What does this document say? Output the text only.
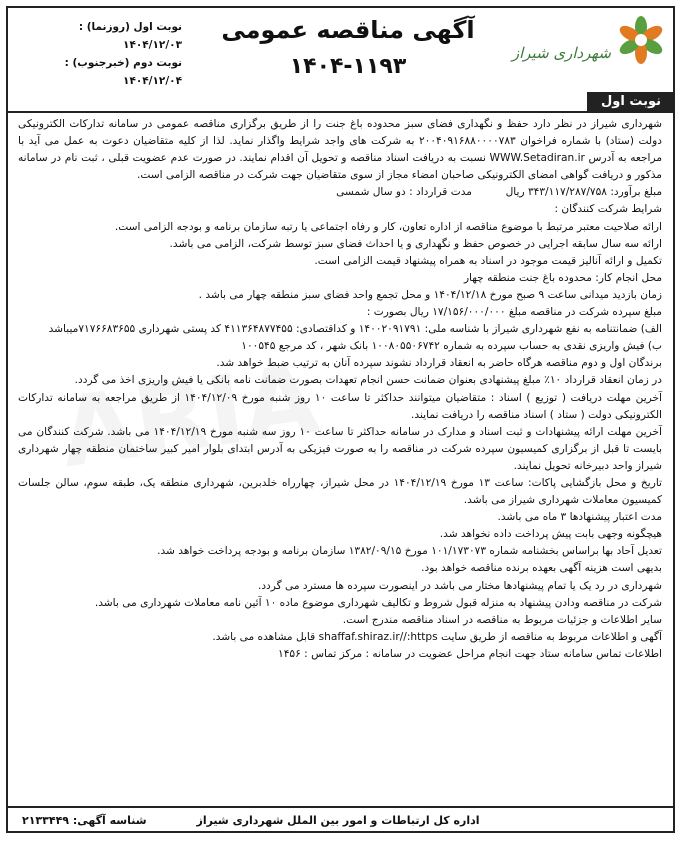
شهرداری شیراز
آگهی مناقصه عمومی
۱۴۰۴-۱۱۹۳
نوبت اول (روزنما) : ۱۴۰۴/۱۲/۰۳
نوبت دوم (خبرجنوب) : ۱۴۰۴/۱۲/۰۴
نوبت اول

شهرداری شیراز در نظر دارد حفظ و نگهداری فضای سبز محدوده باغ جنت را از طریق برگزاری مناقصه عمومی در سامانه تدارکات الکترونیکی دولت (ستاد) با شماره فراخوان ۲۰۰۴۰۹۱۶۸۸۰۰۰۰۷۸۳ به شرکت های واجد شرایط واگذار نماید. لذا از کلیه متقاضیان دعوت به عمل می آید با مراجعه به آدرس WWW.Setadiran.ir نسبت به دریافت اسناد مناقصه و تحویل آن اقدام نمایند. در صورت عدم عضویت قبلی ، ثبت نام در سامانه مذکور و دریافت گواهی امضای الکترونیکی صاحبان امضاء مجاز از سوی متقاضیان جهت شرکت در مناقصه الزامی است.

مبلغ برآورد: ۳۴۳/۱۱۷/۲۸۷/۷۵۸ ریال          مدت قرارداد : دو سال شمسی

شرایط شرکت کنندگان :

ارائه صلاحیت معتبر مرتبط با موضوع مناقصه از اداره تعاون، کار و رفاه اجتماعی یا رتبه سازمان برنامه و بودجه الزامی است.

ارائه سه سال سابقه اجرایی در خصوص حفظ و نگهداری و یا احداث فضای سبز توسط شرکت، الزامی می باشد.

تکمیل و ارائه آنالیز قیمت موجود در اسناد به همراه پیشنهاد قیمت الزامی است.

محل انجام کار: محدوده باغ جنت منطقه چهار

زمان بازدید میدانی ساعت ۹ صبح مورخ ۱۴۰۴/۱۲/۱۸ و محل تجمع واحد فضای سبز منطقه چهار می باشد .

مبلغ سپرده شرکت در مناقصه مبلغ ۱۷/۱۵۶/۰۰۰/۰۰۰ ریال بصورت :

الف) ضمانتنامه به نفع شهرداری شیراز با شناسه ملی: ۱۴۰۰۲۰۹۱۷۹۱ و کداقتصادی: ۴۱۱۳۶۴۸۷۷۴۵۵ کد پستی شهرداری ۷۱۷۶۶۸۳۶۵۵میباشد

ب) فیش واریزی نقدی به حساب سپرده به شماره ۱۰۰۸۰۵۵۰۶۷۴۲ بانک شهر ، کد مرجع ۱۰۰۵۴۵

برندگان اول و دوم مناقصه هرگاه حاضر به انعقاد قرارداد نشوند سپرده آنان به ترتیب ضبط خواهد شد.

در زمان انعقاد قرارداد ۱۰٪ مبلغ پیشنهادی بعنوان ضمانت حسن انجام تعهدات بصورت ضمانت نامه بانکی یا فیش واریزی اخذ می گردد.

آخرین مهلت دریافت ( توزیع ) اسناد : متقاضیان میتوانند حداکثر تا ساعت ۱۰ روز شنبه مورخ ۱۴۰۴/۱۲/۰۹ از طریق مراجعه به سامانه تدارکات الکترونیکی دولت ( ستاد ) اسناد مناقصه را دریافت نمایند.

آخرین مهلت ارائه پیشنهادات و ثبت اسناد و مدارک در سامانه حداکثر تا ساعت ۱۰ روز سه شنبه مورخ ۱۴۰۴/۱۲/۱۹ می باشد. شرکت کنندگان می بایست تا قبل از برگزاری کمیسیون سپرده شرکت در مناقصه را به صورت فیزیکی به آدرس ابتدای بلوار امیر کبیر ساختمان منطقه چهار شهرداری شیراز واحد دبیرخانه تحویل نمایند.

تاریخ و محل بازگشایی پاکات: ساعت ۱۳ مورخ ۱۴۰۴/۱۲/۱۹ در محل شیراز، چهارراه خلدبرین، شهرداری منطقه یک، طبقه سوم، سالن جلسات کمیسیون معاملات شهرداری شیراز می باشد.

مدت اعتبار پیشنهادها ۳ ماه می باشد.

هیچگونه وجهی بابت پیش پرداخت داده نخواهد شد.

تعدیل آحاد بها براساس بخشنامه شماره ۱۰۱/۱۷۳۰۷۳ مورخ ۱۳۸۲/۰۹/۱۵ سازمان برنامه و بودجه پرداخت خواهد شد.

بدیهی است هزینه آگهی بعهده برنده مناقصه خواهد بود.

شهرداری در رد یک یا تمام پیشنهادها مختار می باشد در اینصورت سپرده ها مسترد می گردد.

شرکت در مناقصه ودادن پیشنهاد به منزله قبول شروط و تکالیف شهرداری موضوع ماده ۱۰ آئین نامه معاملات شهرداری می باشد.

سایر اطلاعات و جزئیات مربوط به مناقصه در اسناد مناقصه مندرج است.

آگهی و اطلاعات مربوط به مناقصه از طریق سایت shaffaf.shiraz.ir//:https قابل مشاهده می باشد.

اطلاعات تماس سامانه ستاد جهت انجام مراحل عضویت در سامانه : مرکز تماس : ۱۴۵۶

اداره کل ارتباطات و امور بین الملل شهرداری شیراز
شناسه آگهی: ۲۱۳۳۴۴۹
